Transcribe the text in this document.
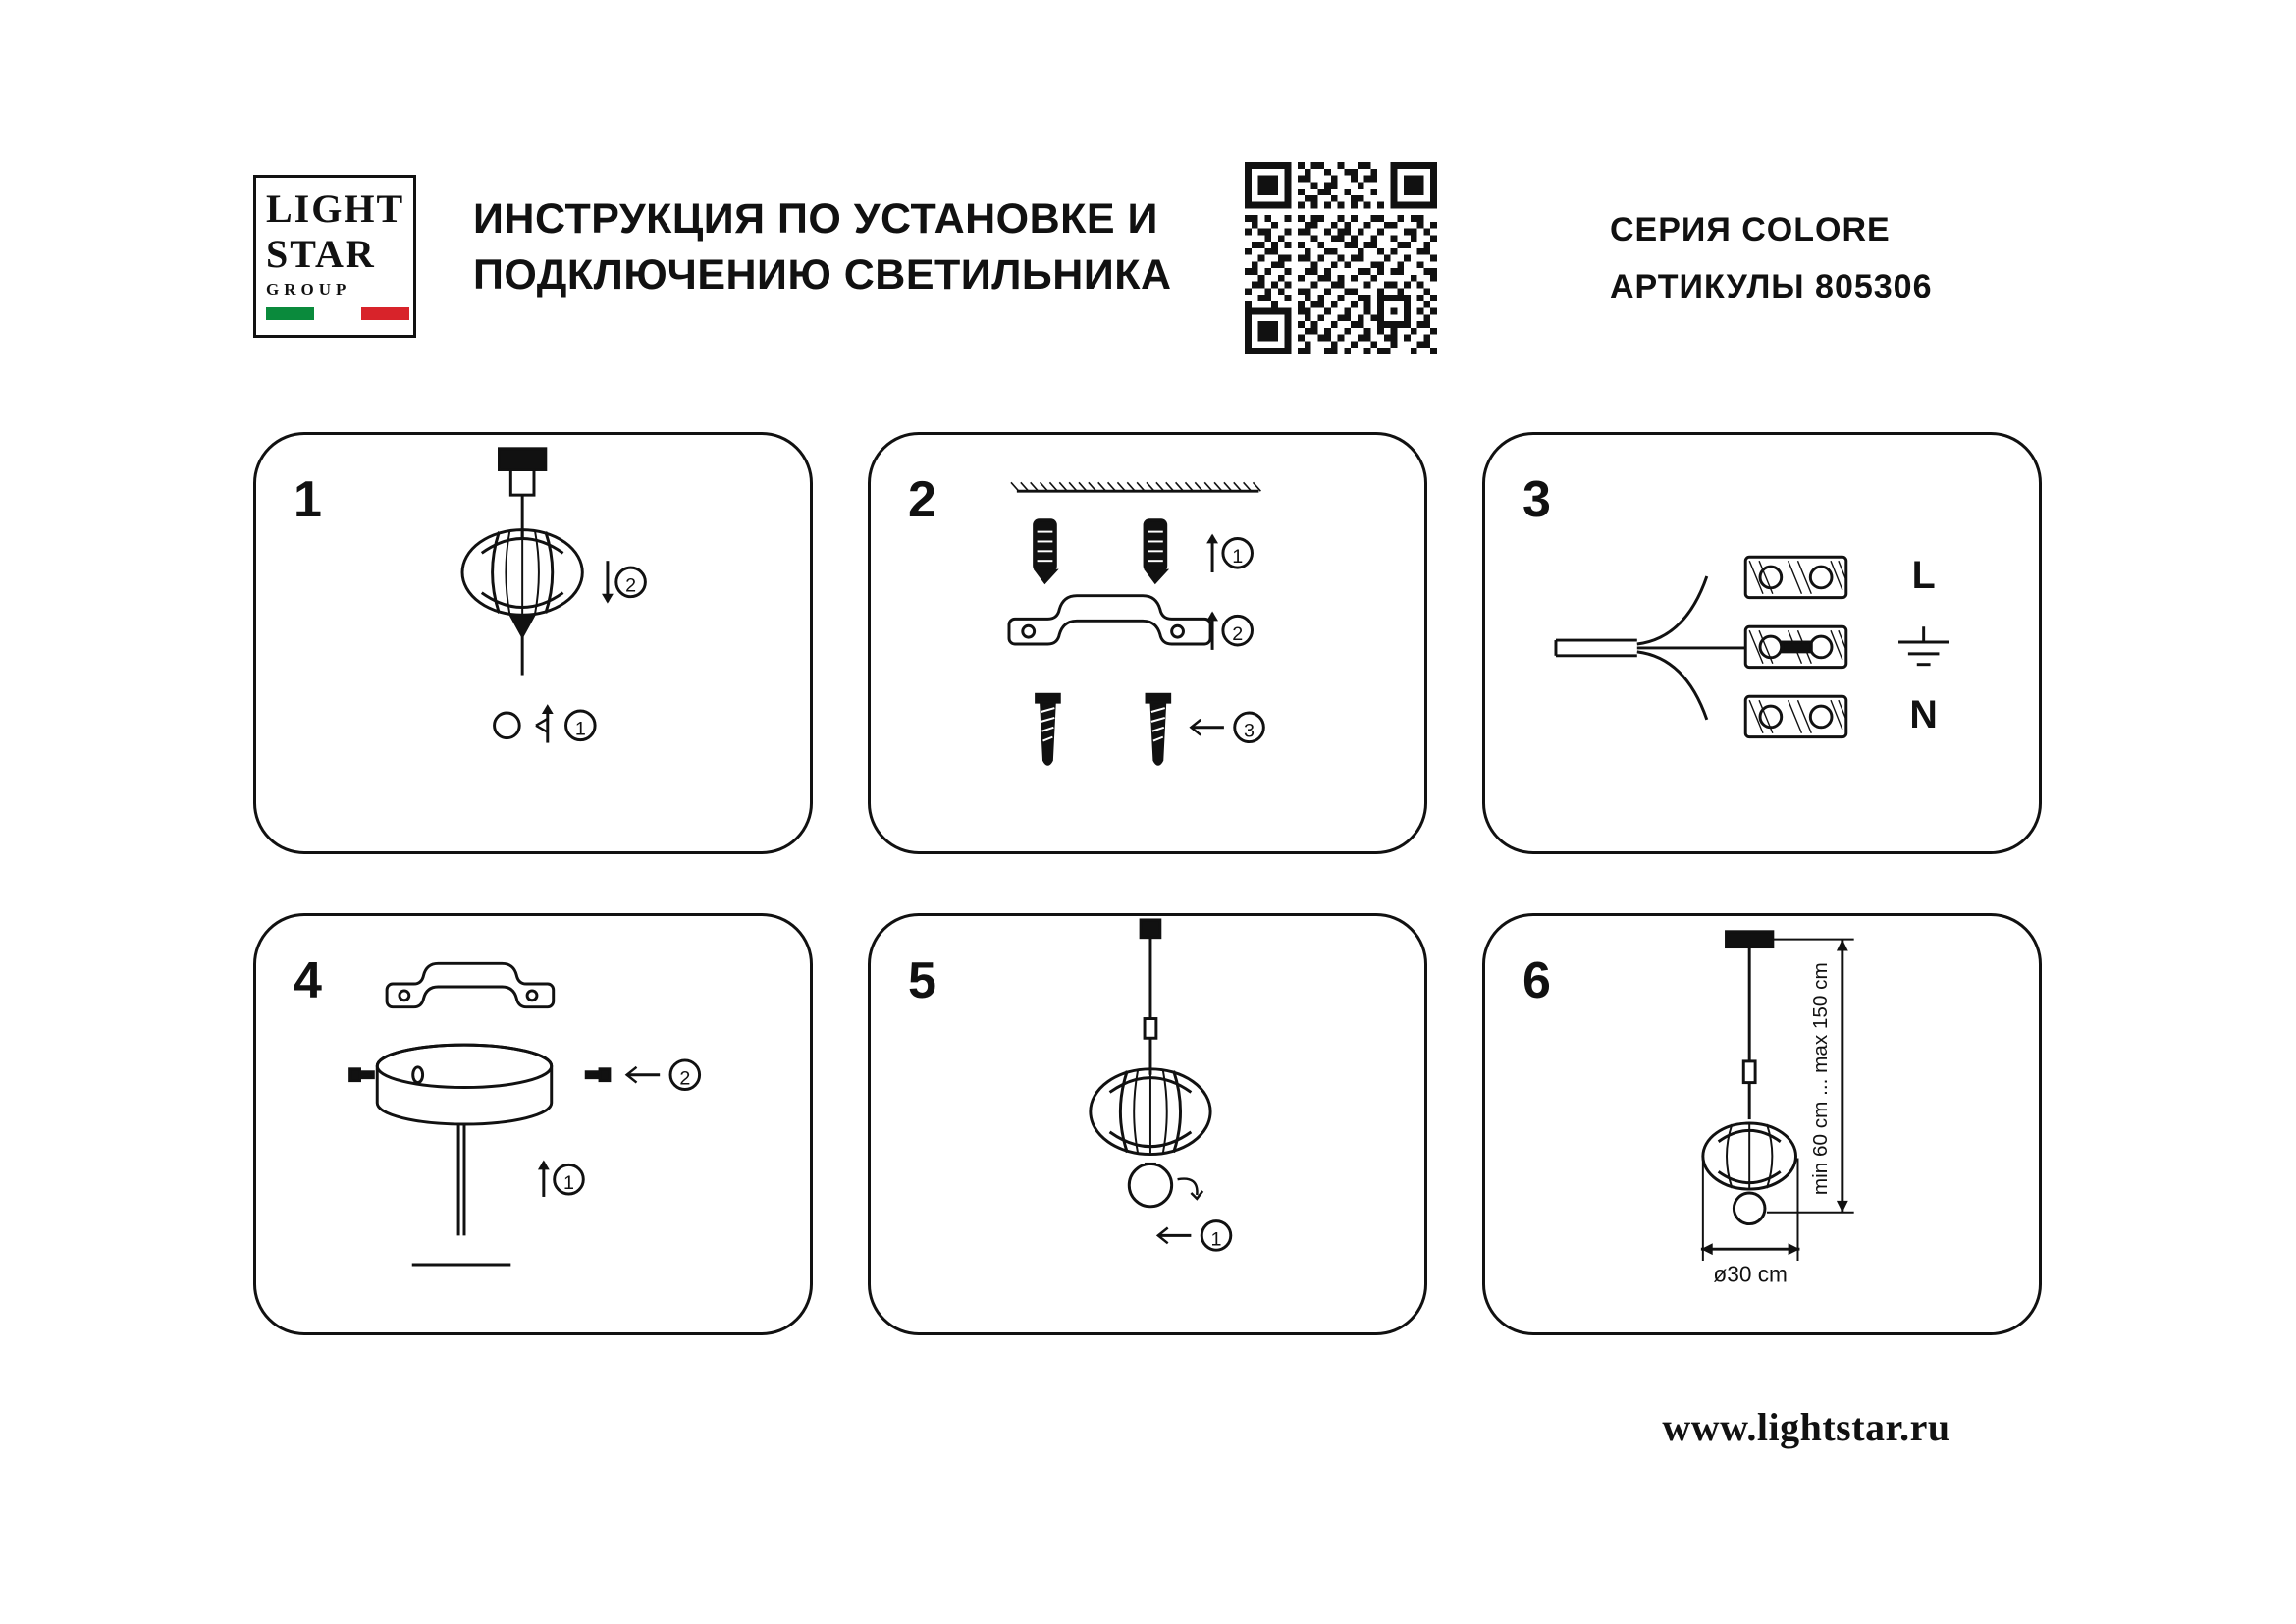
LIGHT
STAR
GROUP
ИНСТРУКЦИЯ ПО УСТАНОВКЕ И
ПОДКЛЮЧЕНИЮ СВЕТИЛЬНИКА
СЕРИЯ COLORE
АРТИКУЛЫ 805306
1
2
1
2
1
2
3
3
L
N
4
1
2
5
1
6	min 60 cm ... max 150 cm
ø30 cm
www.lightstar.ru
